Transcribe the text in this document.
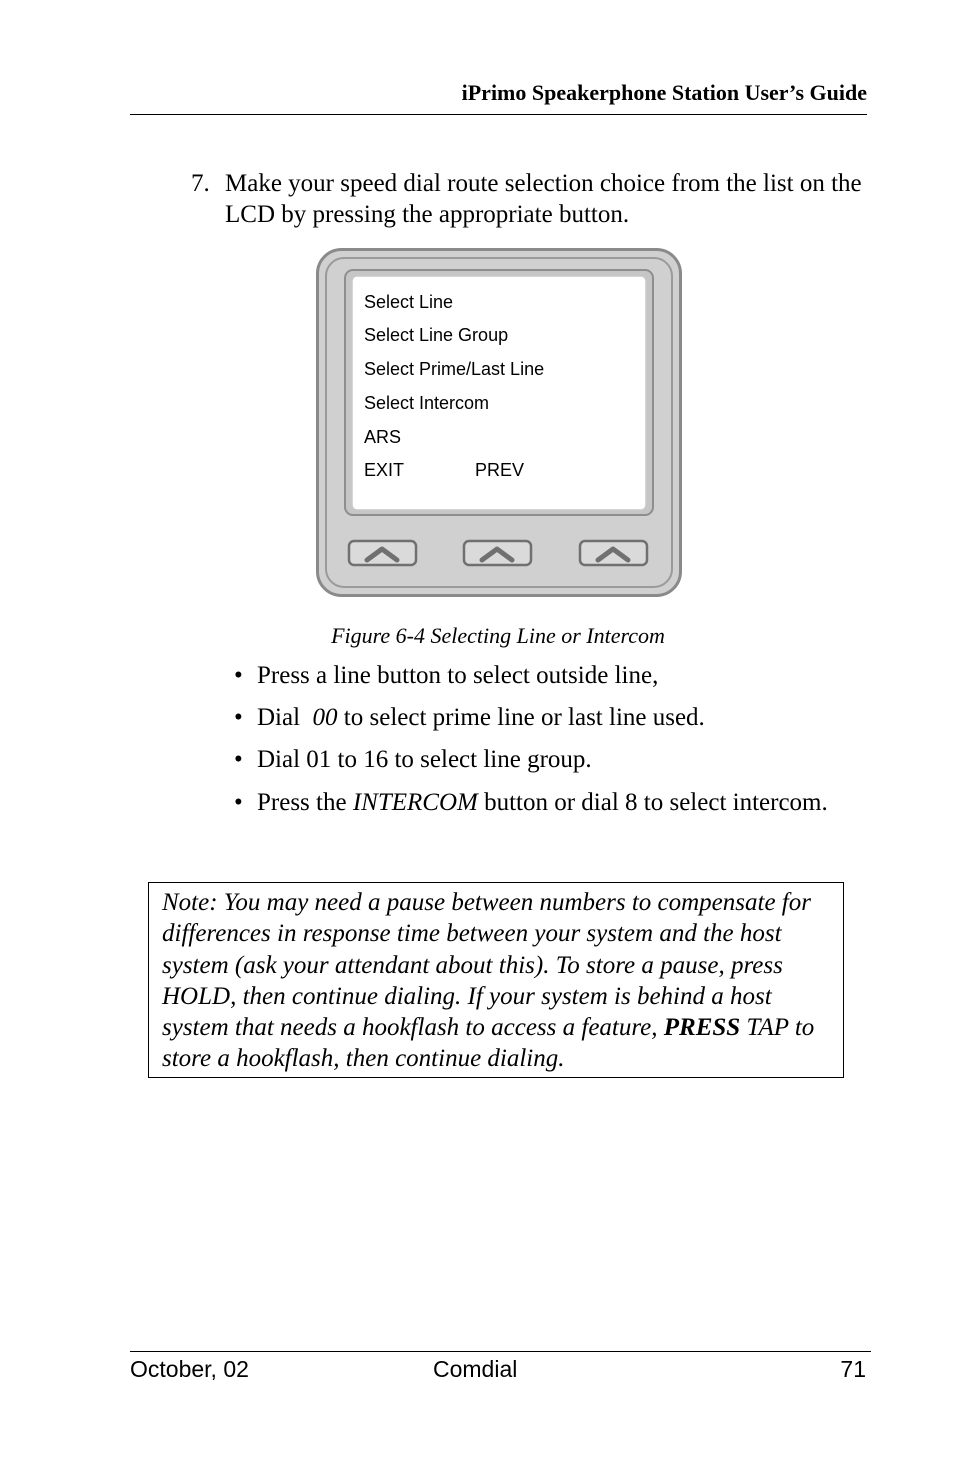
iPrimo Speakerphone Station User’s Guide
7. Make your speed dial route selection choice from the list on the LCD by pressing the appropriate button.
Select Line
Select Line Group
Select Prime/Last Line
Select Intercom
ARS
EXIT	PREV
Figure 6-4 Selecting Line or Intercom
• Press a line button to select outside line,
• Dial  00 to select prime line or last line used.
• Dial 01 to 16 to select line group.
• Press the INTERCOM button or dial 8 to select intercom.
Note: You may need a pause between numbers to compensate for differences in response time between your system and the host system (ask your attendant about this). To store a pause, press HOLD, then continue dialing. If your system is behind a host system that needs a hookflash to access a feature, PRESS TAP to store a hookflash, then continue dialing.
October, 02	Comdial	71
